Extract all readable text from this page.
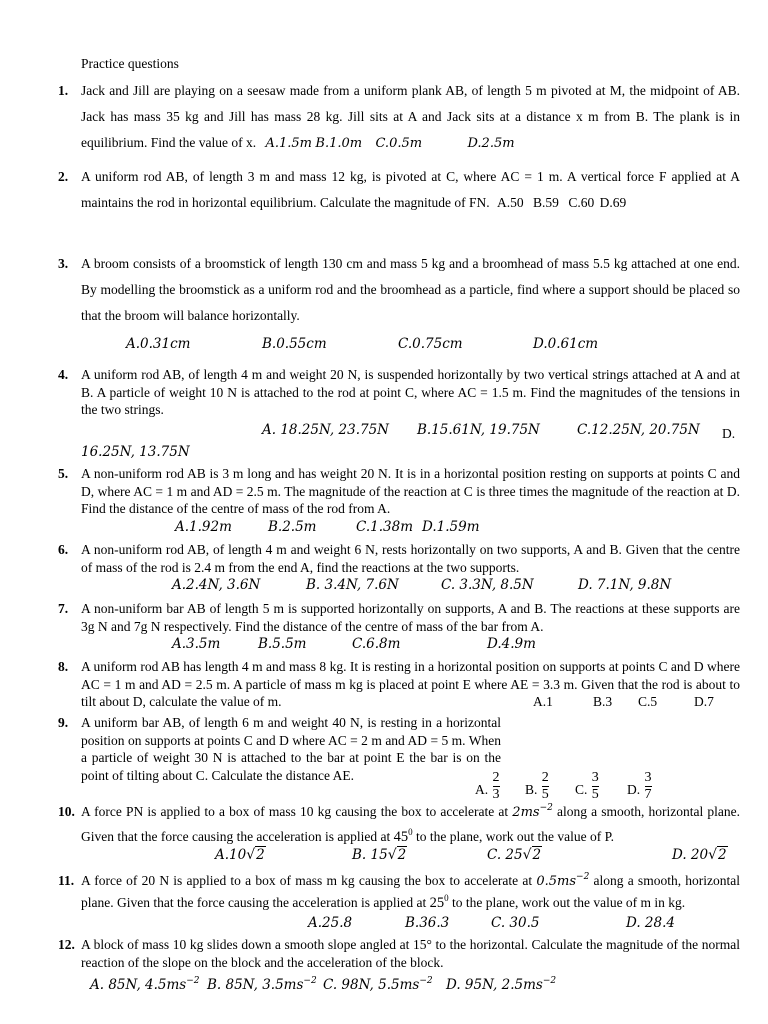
Practice questions
1. Jack and Jill are playing on a seesaw made from a uniform plank AB, of length 5 m pivoted at M, the midpoint of AB. Jack has mass 35 kg and Jill has mass 28 kg. Jill sits at A and Jack sits at a distance x m from B. The plank is in equilibrium. Find the value of x. A.1.5m B.1.0m C.0.5m	D.2.5m
2. A uniform rod AB, of length 3 m and mass 12 kg, is pivoted at C, where AC = 1 m. A vertical force F applied at A maintains the rod in horizontal equilibrium. Calculate the magnitude of FN. A.50 B.59 C.60 D.69
3. A broom consists of a broomstick of length 130 cm and mass 5 kg and a broomhead of mass 5.5 kg attached at one end. By modelling the broomstick as a uniform rod and the broomhead as a particle, find where a support should be placed so that the broom will balance horizontally.
A.0.31cm	B.0.55cm	C.0.75cm	D.0.61cm
4. A uniform rod AB, of length 4 m and weight 20 N, is suspended horizontally by two vertical strings attached at A and at B. A particle of weight 10 N is attached to the rod at point C, where AC = 1.5 m. Find the magnitudes of the tensions in the two strings.
A. 18.25N, 23.75N B.15.61N, 19.75N	C.12.25N, 20.75N D.
16.25N, 13.75N
5. A non-uniform rod AB is 3 m long and has weight 20 N. It is in a horizontal position resting on supports at points C and D, where AC = 1 m and AD = 2.5 m. The magnitude of the reaction at C is three times the magnitude of the reaction at D. Find the distance of the centre of mass of the rod from A.
A.1.92m	B.2.5m	C.1.38m D.1.59m
6. A non-uniform rod AB, of length 4 m and weight 6 N, rests horizontally on two supports, A and B. Given that the centre of mass of the rod is 2.4 m from the end A, find the reactions at the two supports.
A.2.4N, 3.6N	B. 3.4N, 7.6N	C. 3.3N, 8.5N	D. 7.1N, 9.8N
7. A non-uniform bar AB of length 5 m is supported horizontally on supports, A and B. The reactions at these supports are 3g N and 7g N respectively. Find the distance of the centre of mass of the bar from A.
A.3.5m	B.5.5m	C.6.8m	D.4.9m
8. A uniform rod AB has length 4 m and mass 8 kg. It is resting in a horizontal position on supports at points C and D where AC = 1 m and AD = 2.5 m. A particle of mass m kg is placed at point E where AE = 3.3 m. Given that the rod is about to tilt about D, calculate the value of m.	A.1	B.3 C.5	D.7
9. A uniform bar AB, of length 6 m and weight 40 N, is resting in a horizontal position on supports at points C and D where AC = 2 m and AD = 5 m. When a particle of weight 30 N is attached to the bar at point E the bar is on the point of tilting about C. Calculate the distance AE.
A. $\frac{2}{3} B$. $\frac{2}{5} C$. $\frac{3}{5} D$. $\frac{3}{7}$
10. A force PN is applied to a box of mass 10 kg causing the box to accelerate at $2ms^{-2}$ along a smooth, horizontal plane. Given that the force causing the acceleration is applied at $45^0$ to the plane, work out the value of P.
A.10√2	B. 15√2	C. 25√2	D. 20√2
11. A force of 20 N is applied to a box of mass m kg causing the box to accelerate at $0.5ms^{-2}$ along a smooth, horizontal plane. Given that the force causing the acceleration is applied at $25^0$ to the plane, work out the value of m in kg.
A.25.8	B.36.3	C. 30.5	D. 28.4
12. A block of mass 10 kg slides down a smooth slope angled at 15° to the horizontal. Calculate the magnitude of the normal reaction of the slope on the block and the acceleration of the block.
A. 85N, $4.5ms^{-2}$ B. 85N, $3.5ms^{-2}$ C. 98N, $5.5ms^{-2}$ D. 95N, $2.5ms^{-2}$
